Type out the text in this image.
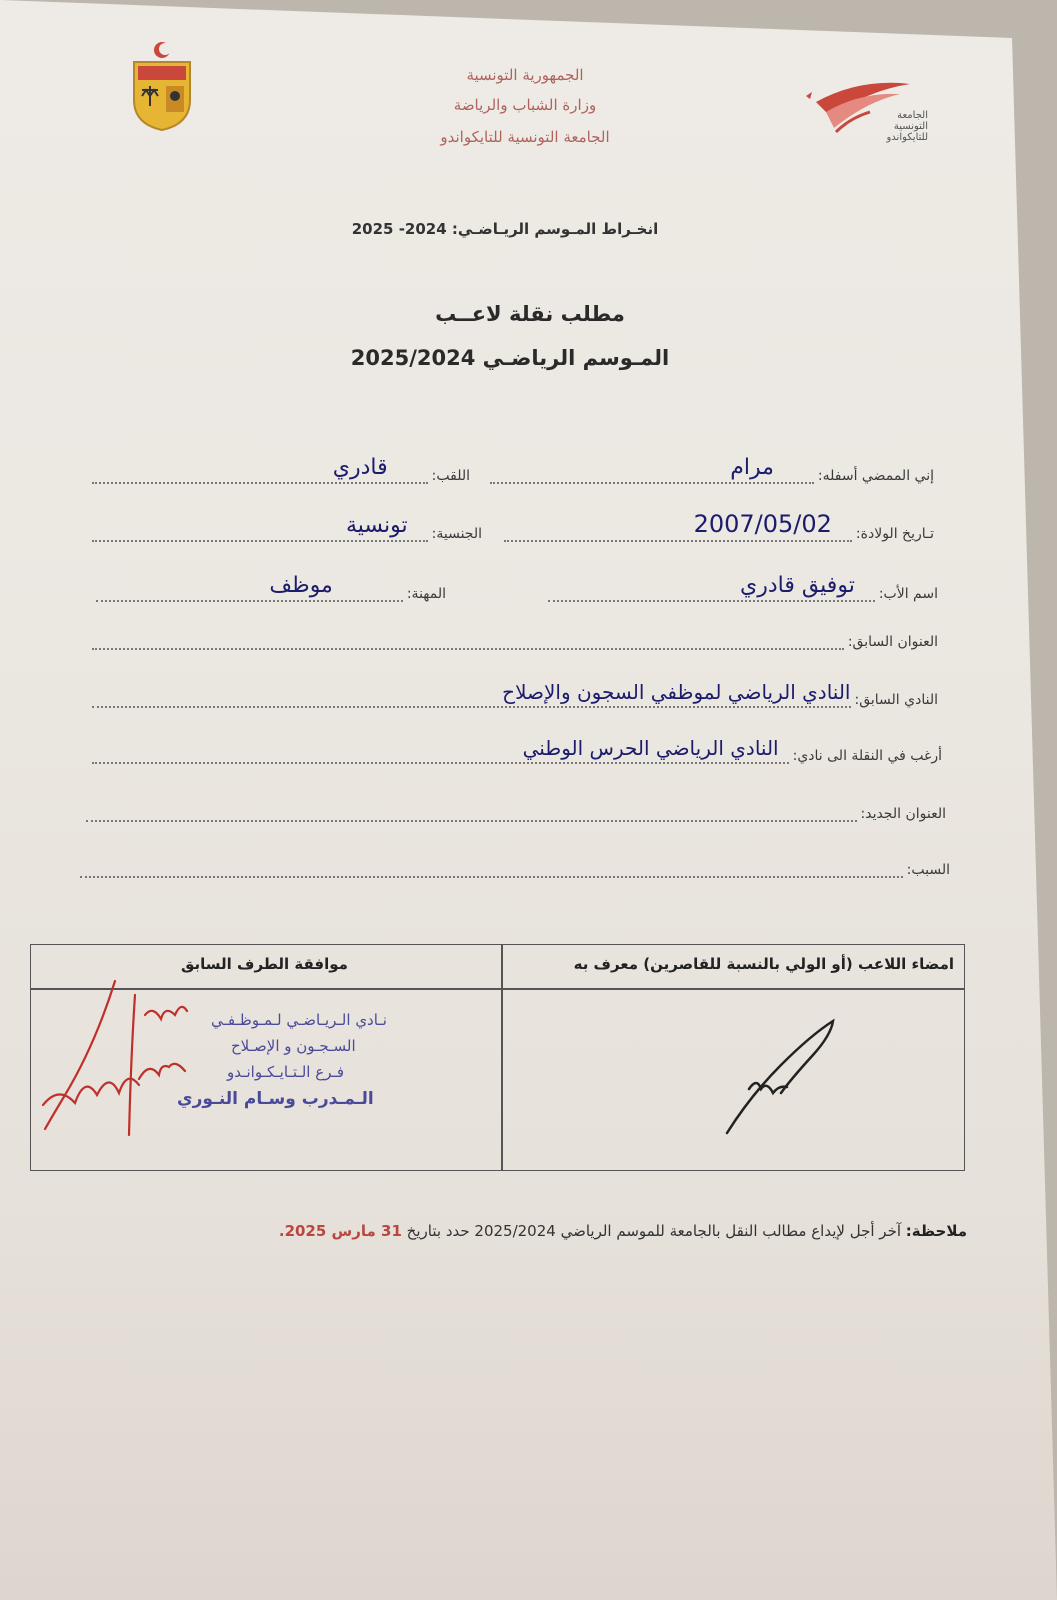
الجامعة
التونسية
للتايكواندو
الجمهورية التونسية
وزارة الشباب والرياضة
الجامعة التونسية للتايكواندو
انخـراط المـوسم الريـاضـي: 2024- 2025
مطلب نقلة لاعــب
المـوسم الرياضـي 2025/2024
إني الممضي أسفله:
مرام
اللقب:
قادري
تـاريخ الولادة:
2007/05/02
الجنسية:
تونسية
اسم الأب:
توفيق قادري
المهنة:
موظف
العنوان السابق:
النادي السابق:
النادي الرياضي لموظفي السجون والإصلاح
أرغب في النقلة الى نادي:
النادي الرياضي الحرس الوطني
العنوان الجديد:
السبب:
امضاء اللاعب (أو الولي بالنسبة للقاصرين) معرف به
موافقة الطرف السابق
نـادي الـريـاضـي لـمـوظـفـي
السـجـون و الإصـلاح
فـرع الـتـايـكـوانـدو
الـمـدرب وسـام النـوري
ملاحظة: آخر أجل لإيداع مطالب النقل بالجامعة للموسم الرياضي 2025/2024 حدد بتاريخ 31 مارس 2025.
